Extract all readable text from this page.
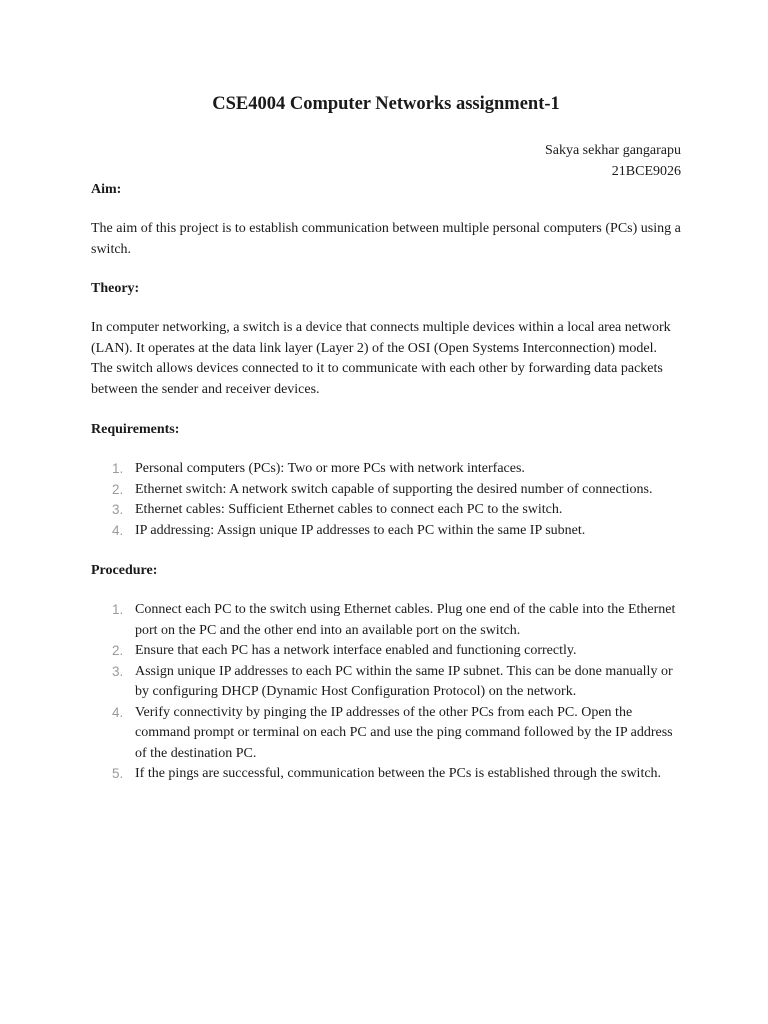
CSE4004 Computer Networks assignment-1
Sakya sekhar gangarapu
21BCE9026
Aim:

The aim of this project is to establish communication between multiple personal computers (PCs) using a switch.

Theory:

In computer networking, a switch is a device that connects multiple devices within a local area network (LAN). It operates at the data link layer (Layer 2) of the OSI (Open Systems Interconnection) model. The switch allows devices connected to it to communicate with each other by forwarding data packets between the sender and receiver devices.

Requirements:
1. Personal computers (PCs): Two or more PCs with network interfaces.
2. Ethernet switch: A network switch capable of supporting the desired number of connections.
3. Ethernet cables: Sufficient Ethernet cables to connect each PC to the switch.
4. IP addressing: Assign unique IP addresses to each PC within the same IP subnet.
Procedure:
1. Connect each PC to the switch using Ethernet cables. Plug one end of the cable into the Ethernet port on the PC and the other end into an available port on the switch.
2. Ensure that each PC has a network interface enabled and functioning correctly.
3. Assign unique IP addresses to each PC within the same IP subnet. This can be done manually or by configuring DHCP (Dynamic Host Configuration Protocol) on the network.
4. Verify connectivity by pinging the IP addresses of the other PCs from each PC. Open the command prompt or terminal on each PC and use the ping command followed by the IP address of the destination PC.
5. If the pings are successful, communication between the PCs is established through the switch.
